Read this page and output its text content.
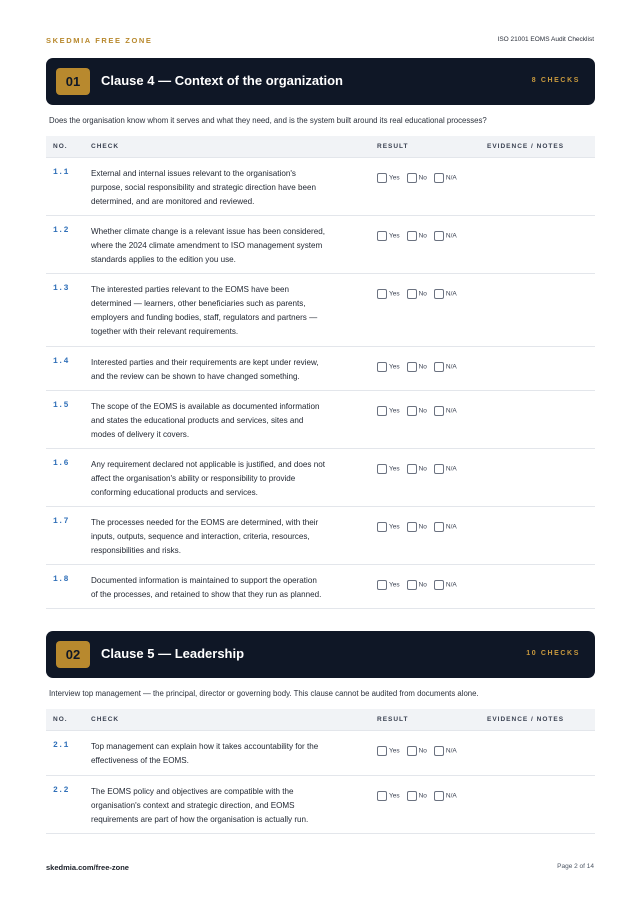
SKEDMIA FREE ZONE	ISO 21001 EOMS Audit Checklist
01	Clause 4 — Context of the organization	8 CHECKS
Does the organisation know whom it serves and what they need, and is the system built around its real educational processes?
NO.	CHECK	RESULT	EVIDENCE / NOTES
1.1	External and internal issues relevant to the organisation's
purpose, social responsibility and strategic direction have been
determined, and are monitored and reviewed.
Yes	No	N/A
1.2	Whether climate change is a relevant issue has been considered,
where the 2024 climate amendment to ISO management system
standards applies to the edition you use.
Yes	No	N/A
1.3	The interested parties relevant to the EOMS have been
determined — learners, other beneficiaries such as parents,
employers and funding bodies, staff, regulators and partners —
together with their relevant requirements.
Yes	No	N/A
1.4	Interested parties and their requirements are kept under review,
and the review can be shown to have changed something.
Yes	No	N/A
1.5	The scope of the EOMS is available as documented information
and states the educational products and services, sites and
modes of delivery it covers.
Yes	No	N/A
1.6	Any requirement declared not applicable is justified, and does not
affect the organisation's ability or responsibility to provide
conforming educational products and services.
Yes	No	N/A
1.7	The processes needed for the EOMS are determined, with their
inputs, outputs, sequence and interaction, criteria, resources,
responsibilities and risks.
Yes	No	N/A
1.8	Documented information is maintained to support the operation
of the processes, and retained to show that they run as planned.
Yes	No	N/A
02	Clause 5 — Leadership	10 CHECKS
Interview top management — the principal, director or governing body. This clause cannot be audited from documents alone.
NO.	CHECK	RESULT	EVIDENCE / NOTES
2.1	Top management can explain how it takes accountability for the
effectiveness of the EOMS.
Yes	No	N/A
2.2	The EOMS policy and objectives are compatible with the
organisation's context and strategic direction, and EOMS
requirements are part of how the organisation is actually run.
Yes	No	N/A
skedmia.com/free-zone	Page 2 of 14
